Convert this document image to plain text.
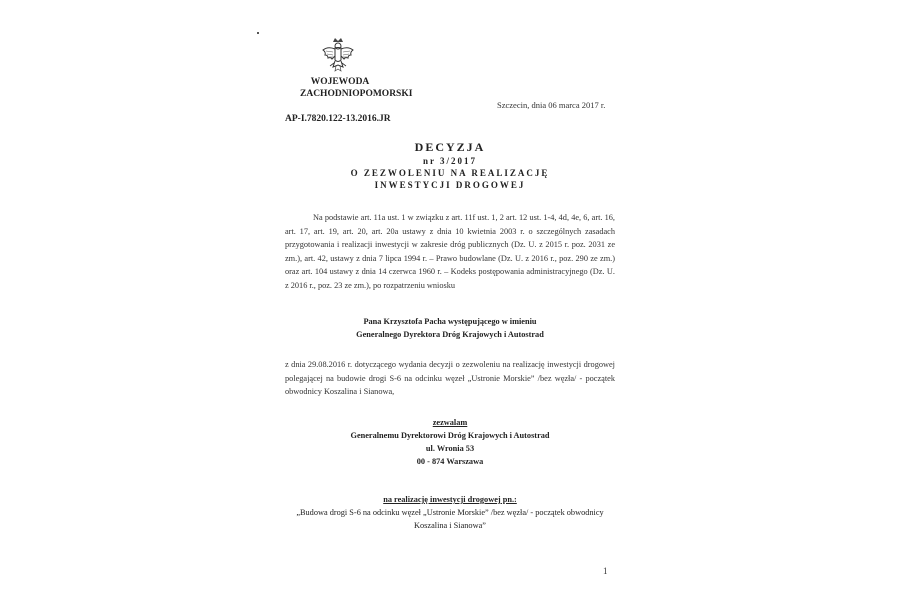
WOJEWODA
ZACHODNIOPOMORSKI
Szczecin, dnia 06 marca 2017 r.
AP-I.7820.122-13.2016.JR
DECYZJA
nr 3/2017
O ZEZWOLENIU NA REALIZACJĘ
INWESTYCJI DROGOWEJ

Na podstawie art. 11a ust. 1 w związku z art. 11f ust. 1, 2 art. 12 ust. 1-4, 4d, 4e, 6, art. 16, art. 17, art. 19, art. 20, art. 20a ustawy z dnia 10 kwietnia 2003 r. o szczególnych zasadach przygotowania i realizacji inwestycji w zakresie dróg publicznych (Dz. U. z 2015 r. poz. 2031 ze zm.), art. 42, ustawy z dnia 7 lipca 1994 r. – Prawo budowlane (Dz. U. z 2016 r., poz. 290 ze zm.) oraz art. 104 ustawy z dnia 14 czerwca 1960 r. – Kodeks postępowania administracyjnego (Dz. U. z 2016 r., poz. 23 ze zm.), po rozpatrzeniu wniosku

Pana Krzysztofa Pacha występującego w imieniu
Generalnego Dyrektora Dróg Krajowych i Autostrad

z dnia 29.08.2016 r. dotyczącego wydania decyzji o zezwoleniu na realizację inwestycji drogowej polegającej na budowie drogi S-6 na odcinku węzeł „Ustronie Morskie” /bez węzła/ - początek obwodnicy Koszalina i Sianowa,

zezwalam
Generalnemu Dyrektorowi Dróg Krajowych i Autostrad
ul. Wronia 53
00 - 874 Warszawa
na realizację inwestycji drogowej pn.:
„Budowa drogi S-6 na odcinku węzeł „Ustronie Morskie” /bez węzła/ - początek obwodnicy
Koszalina i Sianowa”
1
